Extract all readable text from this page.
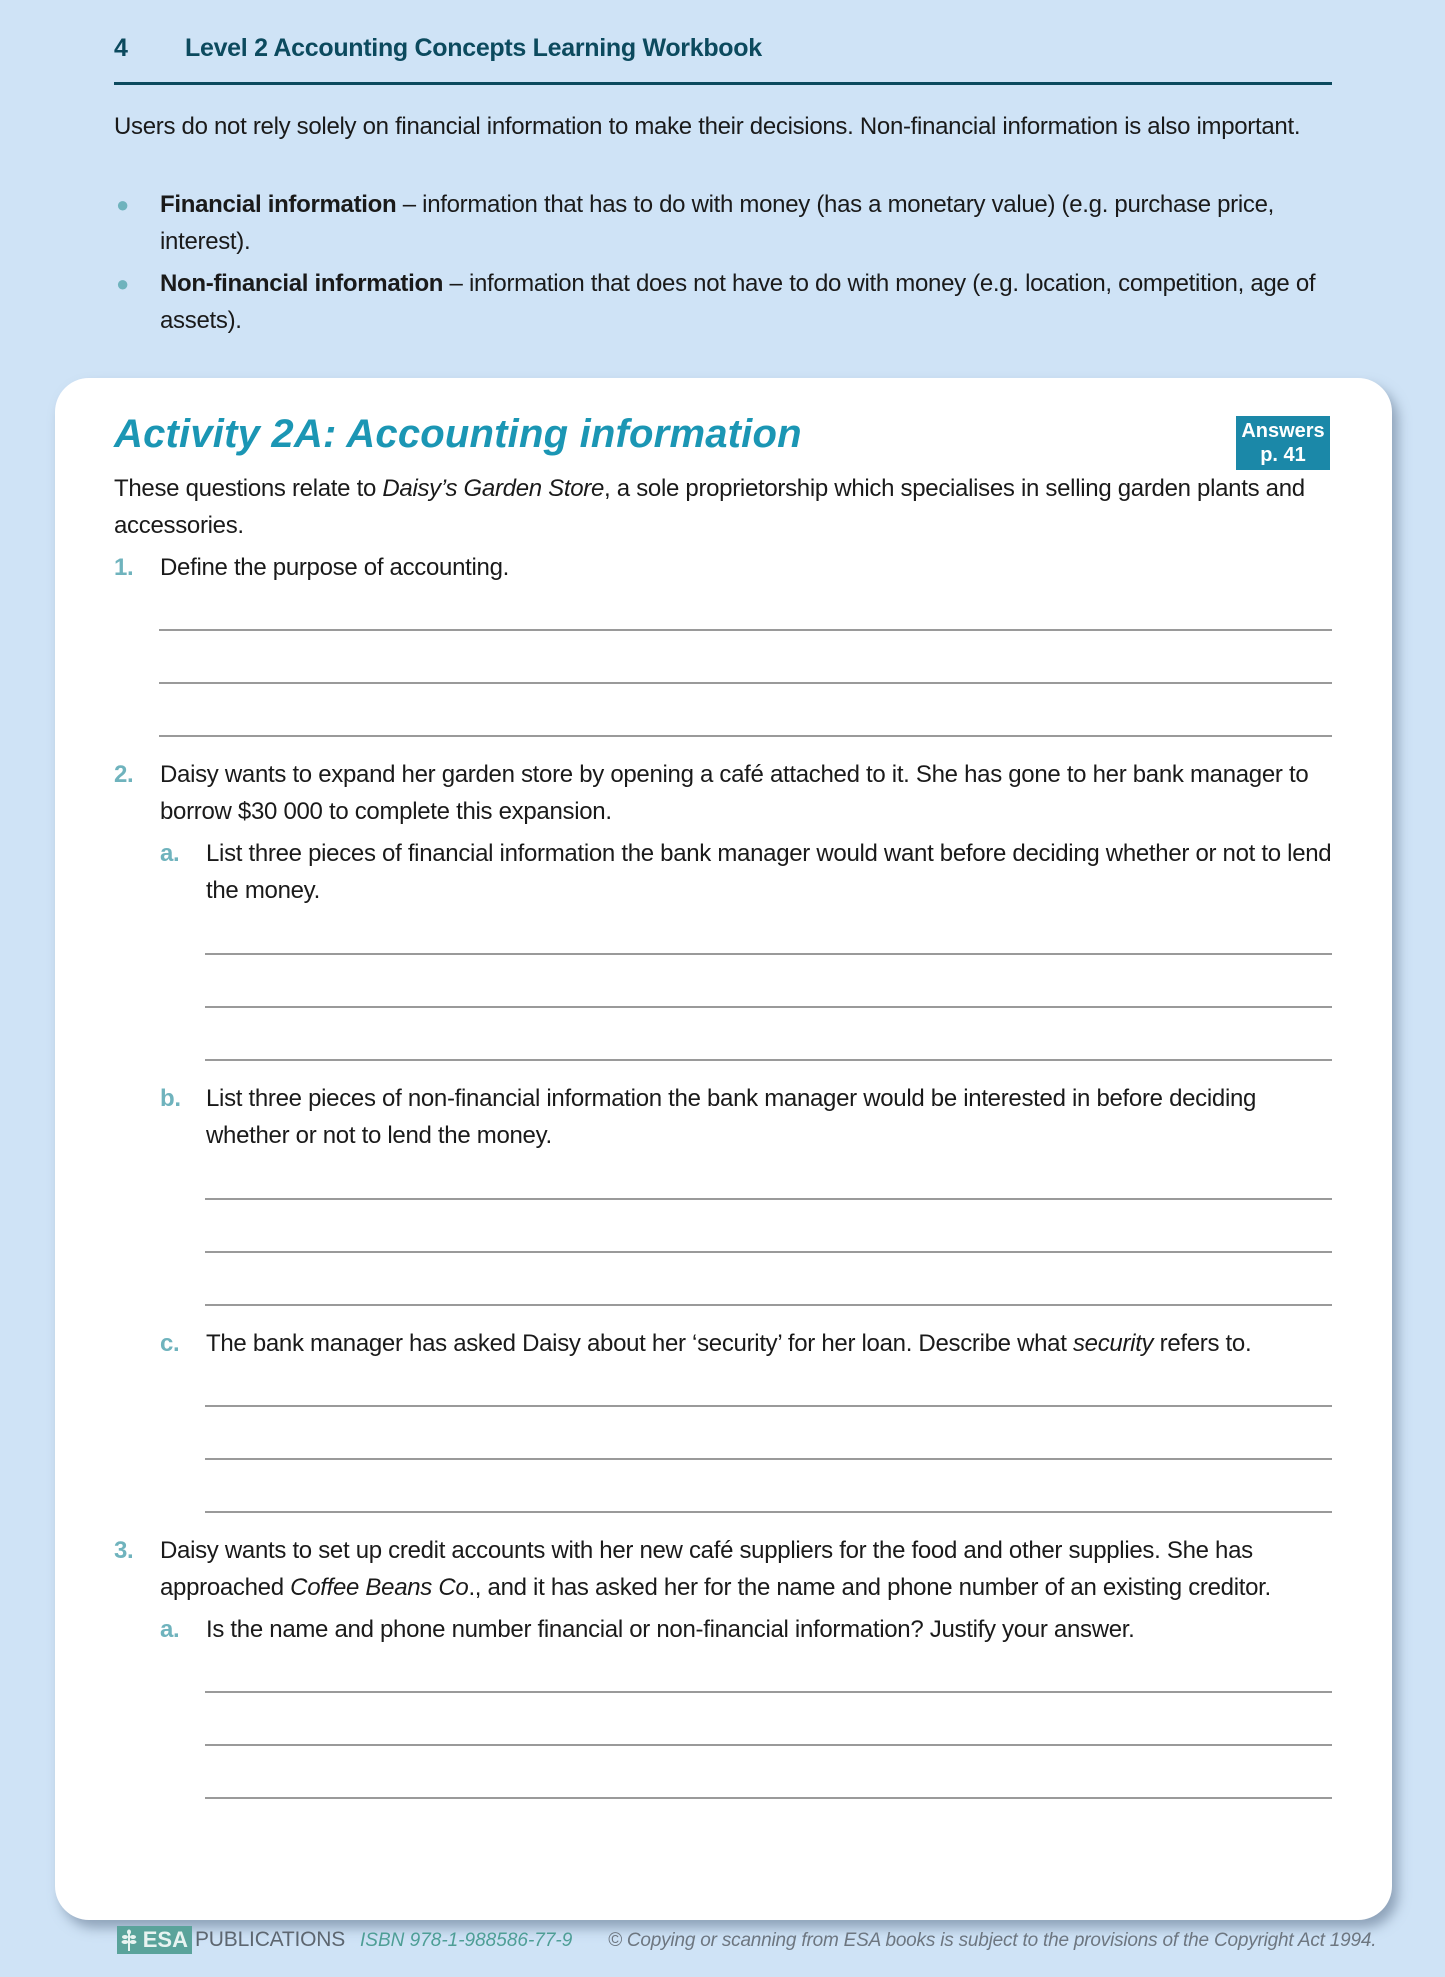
4 Level 2 Accounting Concepts Learning Workbook
Users do not rely solely on financial information to make their decisions. Non-financial information is also important.
● Financial information – information that has to do with money (has a monetary value) (e.g. purchase price, interest).
● Non-financial information – information that does not have to do with money (e.g. location, competition, age of assets).
Activity 2A: Accounting information	Answers
p. 41
These questions relate to Daisy’s Garden Store, a sole proprietorship which specialises in selling garden plants and accessories.
1. Define the purpose of accounting.
2. Daisy wants to expand her garden store by opening a café attached to it. She has gone to her bank manager to borrow $30 000 to complete this expansion.
a. List three pieces of financial information the bank manager would want before deciding whether or not to lend the money.
b. List three pieces of non-financial information the bank manager would be interested in before deciding whether or not to lend the money.
c. The bank manager has asked Daisy about her ‘security’ for her loan. Describe what security refers to.
3. Daisy wants to set up credit accounts with her new café suppliers for the food and other supplies. She has approached Coffee Beans Co., and it has asked her for the name and phone number of an existing creditor.
a. Is the name and phone number financial or non-financial information? Justify your answer.
ESA PUBLICATIONS ISBN 978-1-988586-77-9 © Copying or scanning from ESA books is subject to the provisions of the Copyright Act 1994.
